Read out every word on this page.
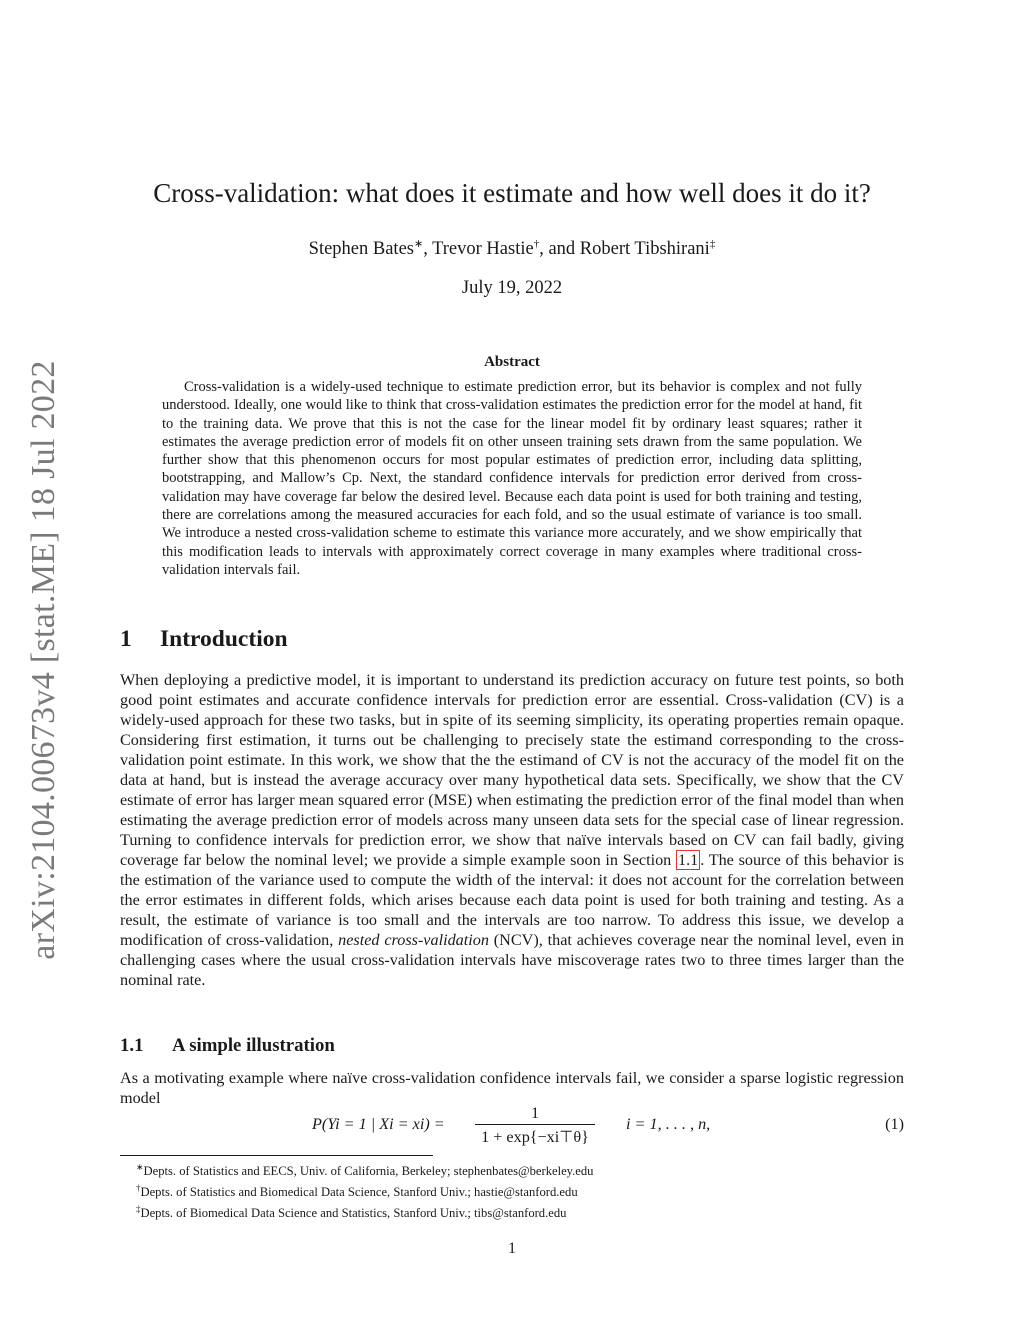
arXiv:2104.00673v4 [stat.ME] 18 Jul 2022
Cross-validation: what does it estimate and how well does it do it?
Stephen Bates∗, Trevor Hastie†, and Robert Tibshirani‡
July 19, 2022
Abstract

Cross-validation is a widely-used technique to estimate prediction error, but its behavior is complex and not fully understood. Ideally, one would like to think that cross-validation estimates the prediction error for the model at hand, fit to the training data. We prove that this is not the case for the linear model fit by ordinary least squares; rather it estimates the average prediction error of models fit on other unseen training sets drawn from the same population. We further show that this phenomenon occurs for most popular estimates of prediction error, including data splitting, bootstrapping, and Mallow’s Cp. Next, the standard confidence intervals for prediction error derived from cross-validation may have coverage far below the desired level. Because each data point is used for both training and testing, there are correlations among the measured accuracies for each fold, and so the usual estimate of variance is too small. We introduce a nested cross-validation scheme to estimate this variance more accurately, and we show empirically that this modification leads to intervals with approximately correct coverage in many examples where traditional cross-validation intervals fail.

1 Introduction

When deploying a predictive model, it is important to understand its prediction accuracy on future test points, so both good point estimates and accurate confidence intervals for prediction error are essential. Cross-validation (CV) is a widely-used approach for these two tasks, but in spite of its seeming simplicity, its operating properties remain opaque. Considering first estimation, it turns out be challenging to precisely state the estimand corresponding to the cross-validation point estimate. In this work, we show that the the estimand of CV is not the accuracy of the model fit on the data at hand, but is instead the average accuracy over many hypothetical data sets. Specifically, we show that the CV estimate of error has larger mean squared error (MSE) when estimating the prediction error of the final model than when estimating the average prediction error of models across many unseen data sets for the special case of linear regression. Turning to confidence intervals for prediction error, we show that naïve intervals based on CV can fail badly, giving coverage far below the nominal level; we provide a simple example soon in Section 1.1 . The source of this behavior is the estimation of the variance used to compute the width of the interval: it does not account for the correlation between the error estimates in different folds, which arises because each data point is used for both training and testing. As a result, the estimate of variance is too small and the intervals are too narrow. To address this issue, we develop a modification of cross-validation, nested cross-validation (NCV), that achieves coverage near the nominal level, even in challenging cases where the usual cross-validation intervals have miscoverage rates two to three times larger than the nominal rate.

1.1 A simple illustration

As a motivating example where naïve cross-validation confidence intervals fail, we consider a sparse logistic regression model

P(Yi = 1 | $Xi = xi) = \frac{1}{1 + \exp\{-xi⊤\theta\}}$ i = 1, . . . , n,	(1)
∗Depts. of Statistics and EECS, Univ. of California, Berkeley; stephenbates@berkeley.edu
†Depts. of Statistics and Biomedical Data Science, Stanford Univ.; hastie@stanford.edu
‡Depts. of Biomedical Data Science and Statistics, Stanford Univ.; tibs@stanford.edu
1
